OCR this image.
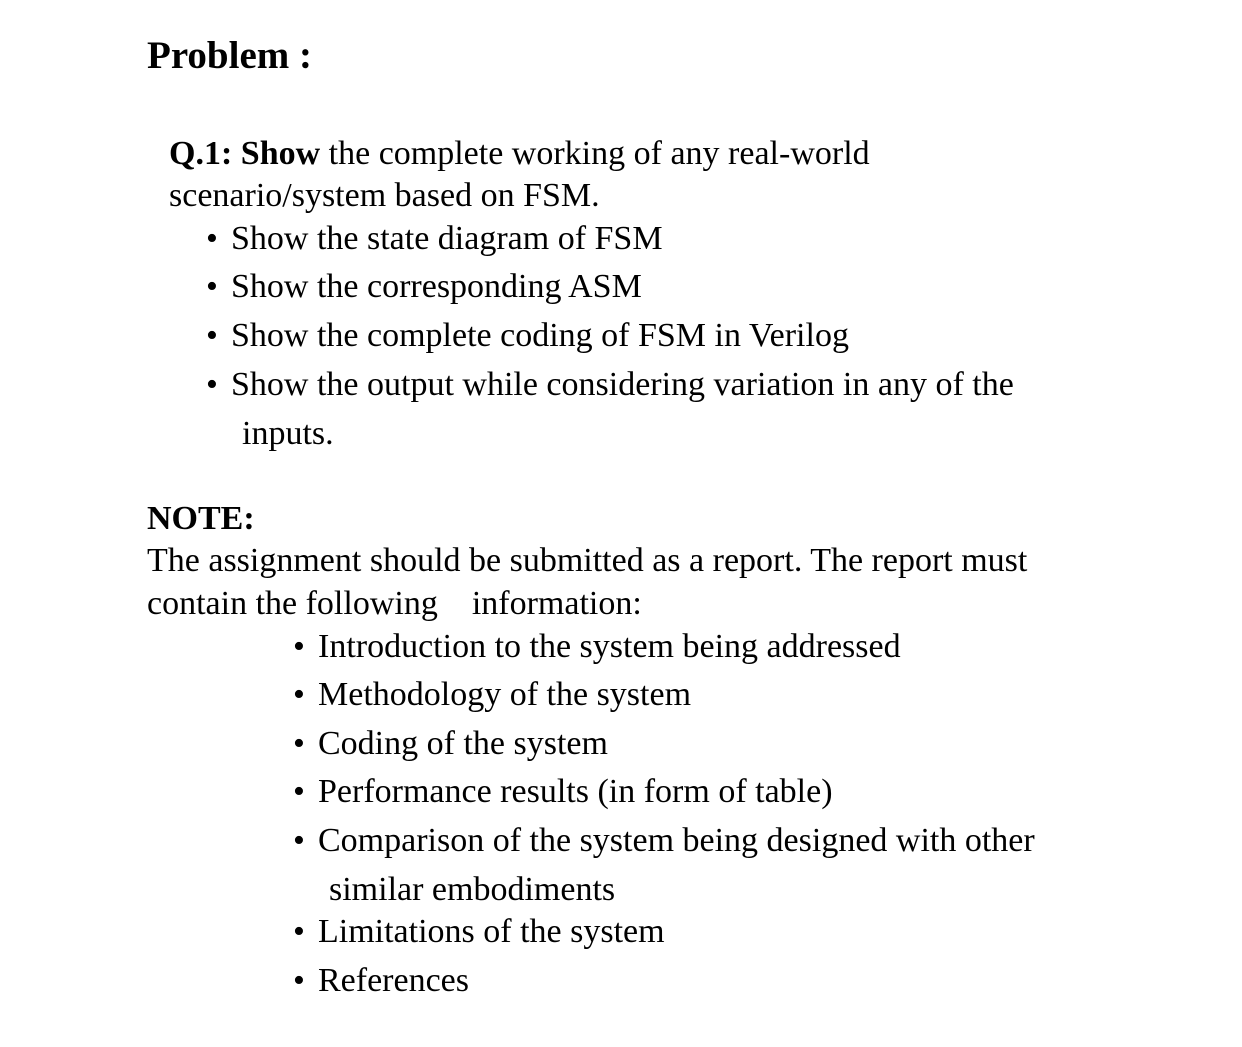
Problem :
Q.1: Show the complete working of any real-world
scenario/system based on FSM.
• Show the state diagram of FSM
• Show the corresponding ASM
• Show the complete coding of FSM in Verilog
• Show the output while considering variation in any of the
inputs.
NOTE:
The assignment should be submitted as a report. The report must
contain the following    information:
• Introduction to the system being addressed
• Methodology of the system
• Coding of the system
• Performance results (in form of table)
• Comparison of the system being designed with other
similar embodiments
• Limitations of the system
• References
